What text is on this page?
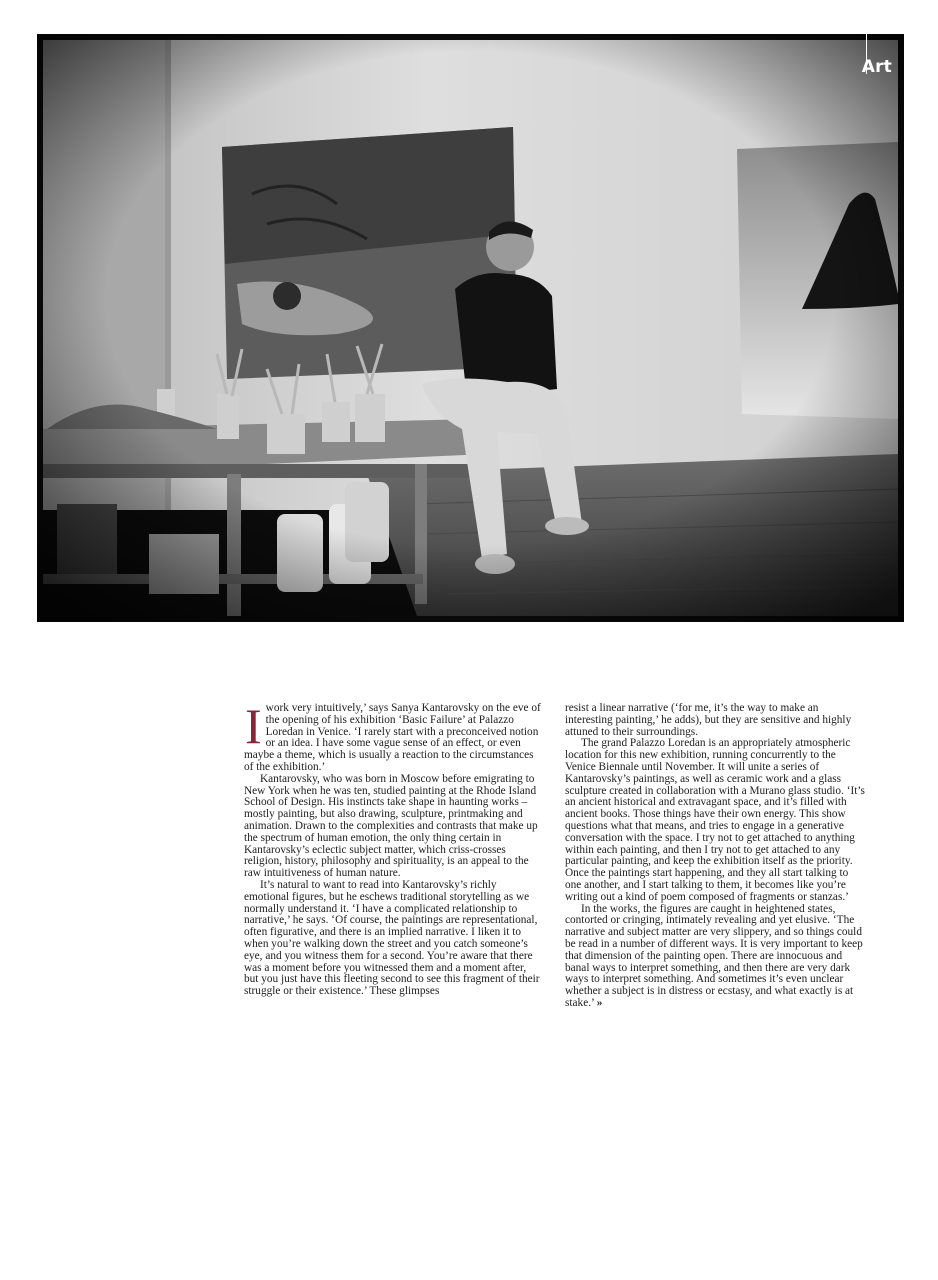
Art

Iwork very intuitively,’ says Sanya Kantarovsky on the eve of the opening of his exhibition ‘Basic Failure’ at Palazzo Loredan in Venice. ‘I rarely start with a preconceived notion or an idea. I have some vague sense of an effect, or even maybe a theme, which is usually a reaction to the circumstances of the exhibition.’

Kantarovsky, who was born in Moscow before emigrating to New York when he was ten, studied painting at the Rhode Island School of Design. His instincts take shape in haunting works – mostly painting, but also drawing, sculpture, printmaking and animation. Drawn to the complexities and contrasts that make up the spectrum of human emotion, the only thing certain in Kantarovsky’s eclectic subject matter, which criss-crosses religion, history, philosophy and spirituality, is an appeal to the raw intuitiveness of human nature.

It’s natural to want to read into Kantarovsky’s richly emotional figures, but he eschews traditional storytelling as we normally understand it. ‘I have a complicated relationship to narrative,’ he says. ‘Of course, the paintings are representational, often figurative, and there is an implied narrative. I liken it to when you’re walking down the street and you catch someone’s eye, and you witness them for a second. You’re aware that there was a moment before you witnessed them and a moment after, but you just have this fleeting second to see this fragment of their struggle or their existence.’ These glimpses

resist a linear narrative (‘for me, it’s the way to make an interesting painting,’ he adds), but they are sensitive and highly attuned to their surroundings.

The grand Palazzo Loredan is an appropriately atmospheric location for this new exhibition, running concurrently to the Venice Biennale until November. It will unite a series of Kantarovsky’s paintings, as well as ceramic work and a glass sculpture created in collaboration with a Murano glass studio. ‘It’s an ancient historical and extravagant space, and it’s filled with ancient books. Those things have their own energy. This show questions what that means, and tries to engage in a generative conversation with the space. I try not to get attached to anything within each painting, and then I try not to get attached to any particular painting, and keep the exhibition itself as the priority. Once the paintings start happening, and they all start talking to one another, and I start talking to them, it becomes like you’re writing out a kind of poem composed of fragments or stanzas.’

In the works, the figures are caught in heightened states, contorted or cringing, intimately revealing and yet elusive. ‘The narrative and subject matter are very slippery, and so things could be read in a number of different ways. It is very important to keep that dimension of the painting open. There are innocuous and banal ways to interpret something, and then there are very dark ways to interpret something. And sometimes it’s even unclear whether a subject is in distress or ecstasy, and what exactly is at stake.’ »
